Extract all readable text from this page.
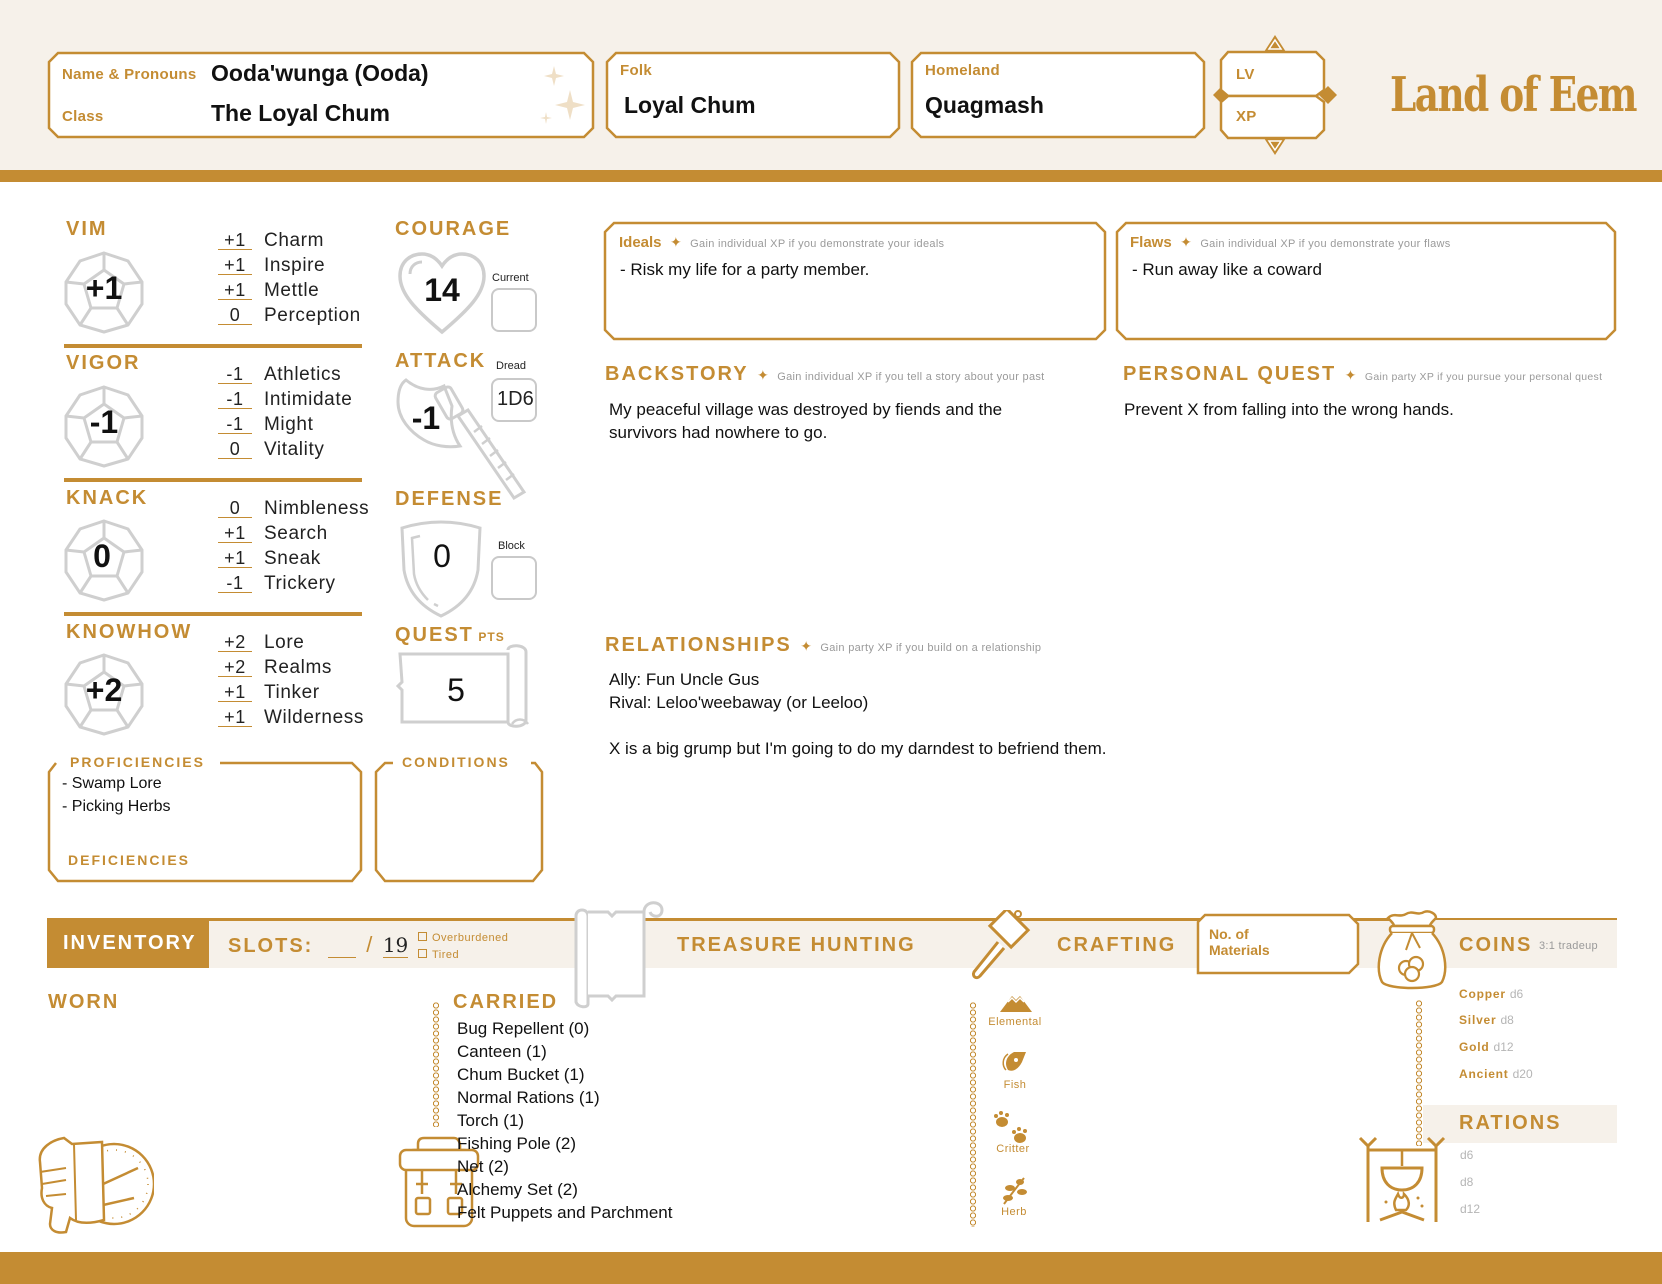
Name & Pronouns Ooda'wunga (Ooda)
Class	The Loyal Chum
Folk
Loyal Chum
Homeland
Quagmash
LV
XP	Land of Eem
VIM
+1
+1 Charm
+1 Inspire
+1 Mettle
0 Perception
VIGOR
-1
-1 Athletics
-1 Intimidate
-1 Might
0 Vitality
KNACK
0
0 Nimbleness
+1 Search
+1 Sneak
-1 Trickery
KNOWHOW
+2
+2 Lore
+2 Realms
+1 Tinker
+1 Wilderness
COURAGE
14	Current
ATTACK Dread
-1
1D6
DEFENSE
0	Block
QUEST PTS
5
PROFICIENCIES
- Swamp Lore
- Picking Herbs
DEFICIENCIES
CONDITIONS
Ideals ✦ Gain individual XP if you demonstrate your ideals
- Risk my life for a party member.
Flaws ✦ Gain individual XP if you demonstrate your flaws
- Run away like a coward
BACKSTORY ✦ Gain individual XP if you tell a story about your past
My peaceful village was destroyed by fiends and the survivors had nowhere to go.
PERSONAL QUEST ✦ Gain party XP if you pursue your personal quest
Prevent X from falling into the wrong hands.
RELATIONSHIPS ✦ Gain party XP if you build on a relationship
Ally: Fun Uncle Gus
Rival: Leloo'weebaway (or Leeloo)
X is a big grump but I'm going to do my darndest to befriend them.
INVENTORY	SLOTS: / 19	Overburdened
Tired	TREASURE HUNTING	CRAFTING No. of Materials	COINS 3:1 tradeup
WORN	CARRIED
Bug Repellent (0)
Canteen (1)
Chum Bucket (1)
Normal Rations (1)
Torch (1)
Fishing Pole (2)
Net (2)
Alchemy Set (2)
Felt Puppets and Parchment
Elemental
Fish
Critter
Herb
Copper d6
Silver d8
Gold d12
Ancient d20
RATIONS
d6
d8
d12
